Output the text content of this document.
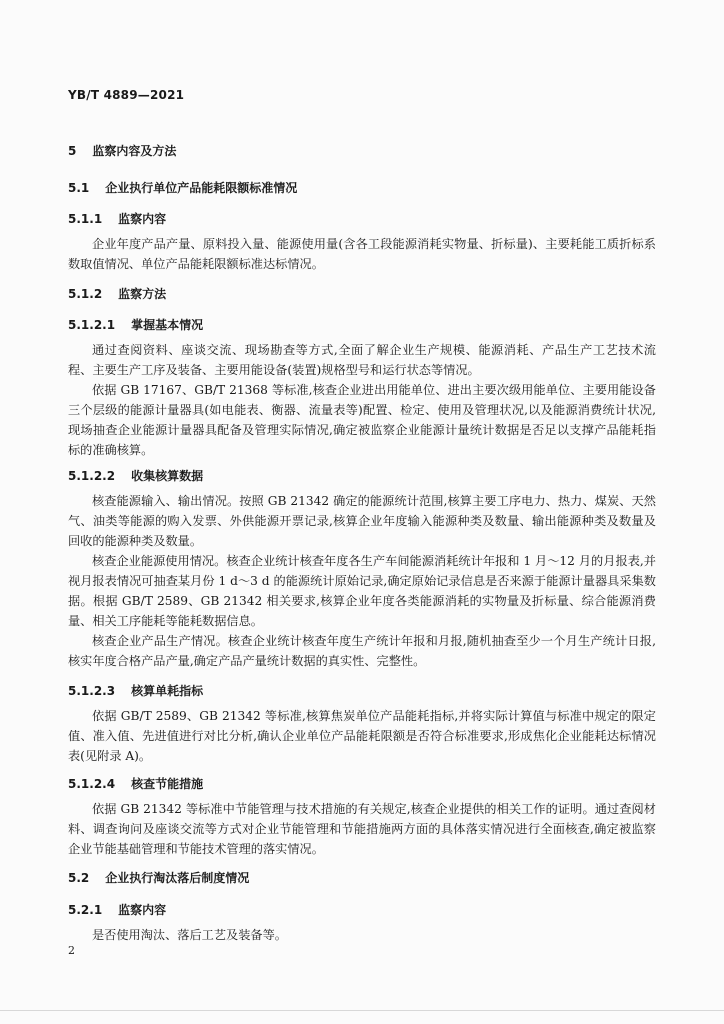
YB/T 4889—2021
5 监察内容及方法
5.1 企业执行单位产品能耗限额标准情况
5.1.1 监察内容
企业年度产品产量、原料投入量、能源使用量(含各工段能源消耗实物量、折标量)、主要耗能工质折标系数取值情况、单位产品能耗限额标准达标情况。
5.1.2 监察方法
5.1.2.1 掌握基本情况
通过查阅资料、座谈交流、现场勘查等方式,全面了解企业生产规模、能源消耗、产品生产工艺技术流程、主要生产工序及装备、主要用能设备(装置)规格型号和运行状态等情况。
依据 GB 17167、GB/T 21368 等标准,核查企业进出用能单位、进出主要次级用能单位、主要用能设备三个层级的能源计量器具(如电能表、衡器、流量表等)配置、检定、使用及管理状况,以及能源消费统计状况,现场抽查企业能源计量器具配备及管理实际情况,确定被监察企业能源计量统计数据是否足以支撑产品能耗指标的准确核算。
5.1.2.2 收集核算数据
核查能源输入、输出情况。按照 GB 21342 确定的能源统计范围,核算主要工序电力、热力、煤炭、天然气、油类等能源的购入发票、外供能源开票记录,核算企业年度输入能源种类及数量、输出能源种类及数量及回收的能源种类及数量。
核查企业能源使用情况。核查企业统计核查年度各生产车间能源消耗统计年报和 1 月～12 月的月报表,并视月报表情况可抽查某月份 1 d～3 d 的能源统计原始记录,确定原始记录信息是否来源于能源计量器具采集数据。根据 GB/T 2589、GB 21342 相关要求,核算企业年度各类能源消耗的实物量及折标量、综合能源消费量、相关工序能耗等能耗数据信息。
核查企业产品生产情况。核查企业统计核查年度生产统计年报和月报,随机抽查至少一个月生产统计日报,核实年度合格产品产量,确定产品产量统计数据的真实性、完整性。
5.1.2.3 核算单耗指标
依据 GB/T 2589、GB 21342 等标准,核算焦炭单位产品能耗指标,并将实际计算值与标准中规定的限定值、准入值、先进值进行对比分析,确认企业单位产品能耗限额是否符合标准要求,形成焦化企业能耗达标情况表(见附录 A)。
5.1.2.4 核查节能措施
依据 GB 21342 等标准中节能管理与技术措施的有关规定,核查企业提供的相关工作的证明。通过查阅材料、调查询问及座谈交流等方式对企业节能管理和节能措施两方面的具体落实情况进行全面核查,确定被监察企业节能基础管理和节能技术管理的落实情况。
5.2 企业执行淘汰落后制度情况
5.2.1 监察内容
是否使用淘汰、落后工艺及装备等。
2
